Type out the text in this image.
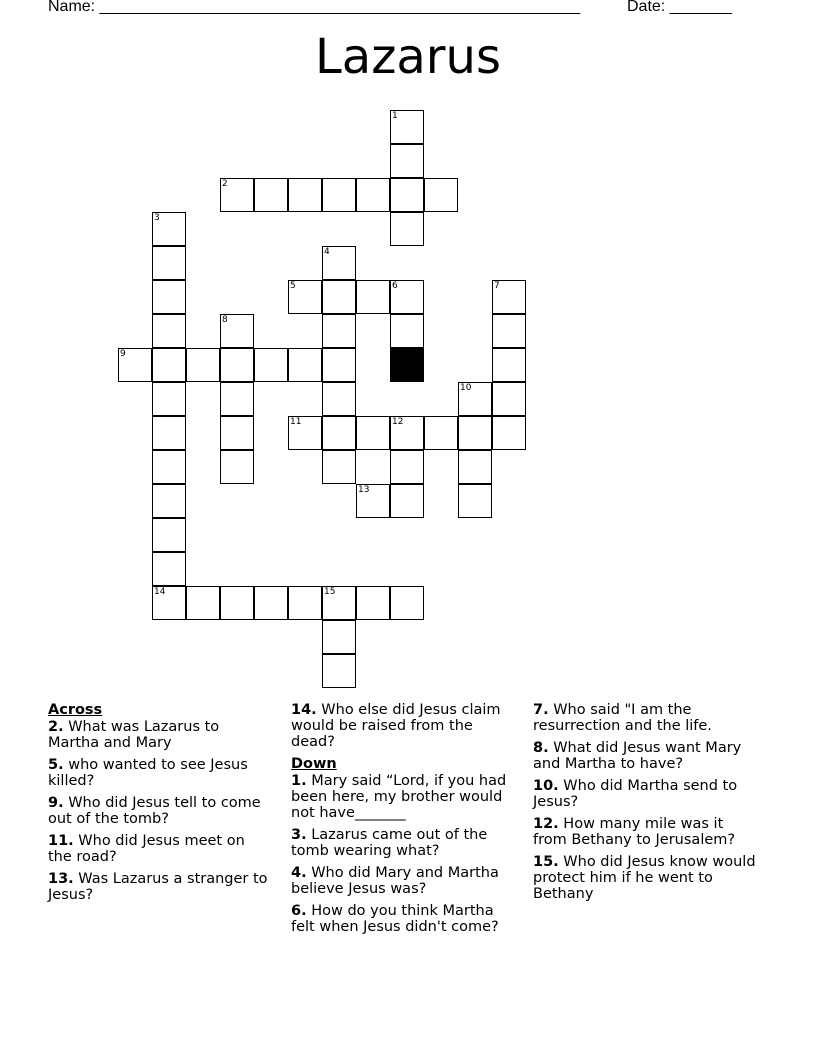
Name: ______________________________________________________	Date: _______
Lazarus
1
2
3
14
4
5	6	7
8
9
10
11	12
13
15
Across
2. What was Lazarus to Martha and Mary
5. who wanted to see Jesus killed?
9. Who did Jesus tell to come out of the tomb?
11. Who did Jesus meet on the road?
13. Was Lazarus a stranger to Jesus?
14. Who else did Jesus claim would be raised from the dead?
Down
1. Mary said “Lord, if you had been here, my brother would not have_______
3. Lazarus came out of the tomb wearing what?
4. Who did Mary and Martha believe Jesus was?
6. How do you think Martha felt when Jesus didn't come?
7. Who said "I am the resurrection and the life.
8. What did Jesus want Mary and Martha to have?
10. Who did Martha send to Jesus?
12. How many mile was it from Bethany to Jerusalem?
15. Who did Jesus know would protect him if he went to Bethany
